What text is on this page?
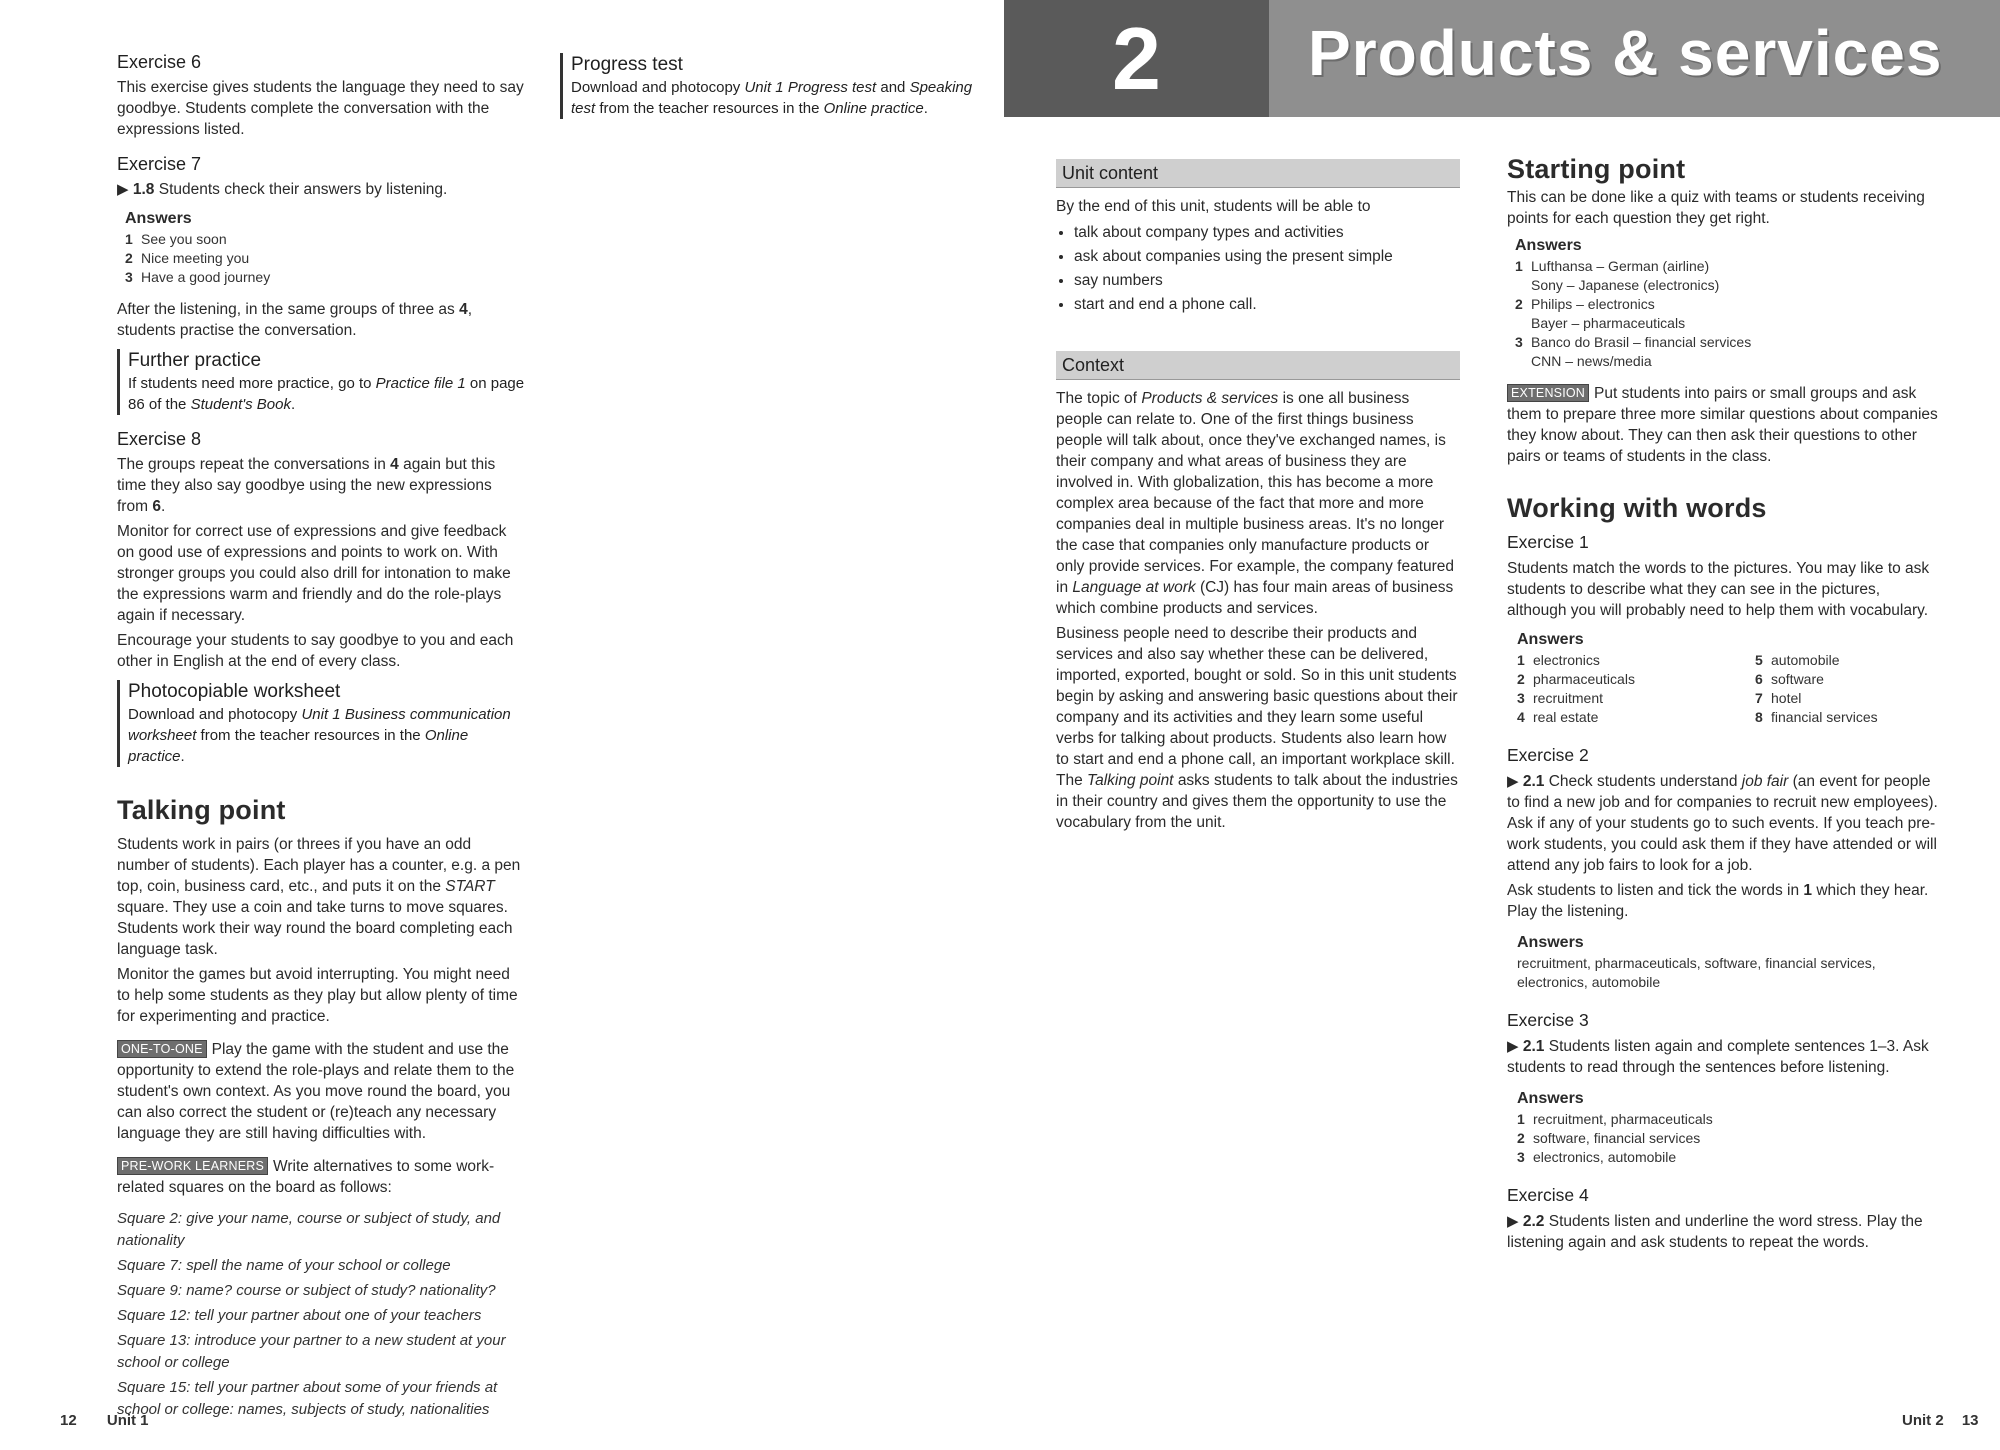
Exercise 6

This exercise gives students the language they need to say goodbye. Students complete the conversation with the expressions listed.

Exercise 7

▶ 1.8 Students check their answers by listening.

Answers
1 See you soon
2 Nice meeting you
3 Have a good journey

After the listening, in the same groups of three as 4, students practise the conversation.

Further practice
If students need more practice, go to Practice file 1 on page 86 of the Student's Book.
Exercise 8

The groups repeat the conversations in 4 again but this time they also say goodbye using the new expressions from 6.

Monitor for correct use of expressions and give feedback on good use of expressions and points to work on. With stronger groups you could also drill for intonation to make the expressions warm and friendly and do the role-plays again if necessary.

Encourage your students to say goodbye to you and each other in English at the end of every class.

Photocopiable worksheet
Download and photocopy Unit 1 Business communication worksheet from the teacher resources in the Online practice.
Talking point

Students work in pairs (or threes if you have an odd number of students). Each player has a counter, e.g. a pen top, coin, business card, etc., and puts it on the START square. They use a coin and take turns to move squares. Students work their way round the board completing each language task.

Monitor the games but avoid interrupting. You might need to help some students as they play but allow plenty of time for experimenting and practice.

ONE-TO-ONE Play the game with the student and use the opportunity to extend the role-plays and relate them to the student's own context. As you move round the board, you can also correct the student or (re)teach any necessary language they are still having difficulties with.

PRE-WORK LEARNERS Write alternatives to some work-related squares on the board as follows:

Square 2: give your name, course or subject of study, and nationality

Square 7: spell the name of your school or college

Square 9: name? course or subject of study? nationality?

Square 12: tell your partner about one of your teachers

Square 13: introduce your partner to a new student at your school or college

Square 15: tell your partner about some of your friends at school or college: names, subjects of study, nationalities

Progress test
Download and photocopy Unit 1 Progress test and Speaking test from the teacher resources in the Online practice.
12 Unit 1
2	Products & services
Unit content

By the end of this unit, students will be able to

• talk about company types and activities
• ask about companies using the present simple
• say numbers
• start and end a phone call.
Context

The topic of Products & services is one all business people can relate to. One of the first things business people will talk about, once they've exchanged names, is their company and what areas of business they are involved in. With globalization, this has become a more complex area because of the fact that more and more companies deal in multiple business areas. It's no longer the case that companies only manufacture products or only provide services. For example, the company featured in Language at work (CJ) has four main areas of business which combine products and services.

Business people need to describe their products and services and also say whether these can be delivered, imported, exported, bought or sold. So in this unit students begin by asking and answering basic questions about their company and its activities and they learn some useful verbs for talking about products. Students also learn how to start and end a phone call, an important workplace skill. The Talking point asks students to talk about the industries in their country and gives them the opportunity to use the vocabulary from the unit.

Starting point

This can be done like a quiz with teams or students receiving points for each question they get right.

Answers
1 Lufthansa – German (airline)
Sony – Japanese (electronics)
2 Philips – electronics
Bayer – pharmaceuticals
3 Banco do Brasil – financial services
CNN – news/media

EXTENSION Put students into pairs or small groups and ask them to prepare three more similar questions about companies they know about. They can then ask their questions to other pairs or teams of students in the class.

Working with words
Exercise 1

Students match the words to the pictures. You may like to ask students to describe what they can see in the pictures, although you will probably need to help them with vocabulary.

Answers
1 electronics
2 pharmaceuticals
3 recruitment
4 real estate
5 automobile
6 software
7 hotel
8 financial services
Exercise 2

▶ 2.1 Check students understand job fair (an event for people to find a new job and for companies to recruit new employees). Ask if any of your students go to such events. If you teach pre-work students, you could ask them if they have attended or will attend any job fairs to look for a job.

Ask students to listen and tick the words in 1 which they hear. Play the listening.

Answers
recruitment, pharmaceuticals, software, financial services, electronics, automobile
Exercise 3

▶ 2.1 Students listen again and complete sentences 1–3. Ask students to read through the sentences before listening.

Answers
1 recruitment, pharmaceuticals
2 software, financial services
3 electronics, automobile
Exercise 4

▶ 2.2 Students listen and underline the word stress. Play the listening again and ask students to repeat the words.

Unit 2 13
